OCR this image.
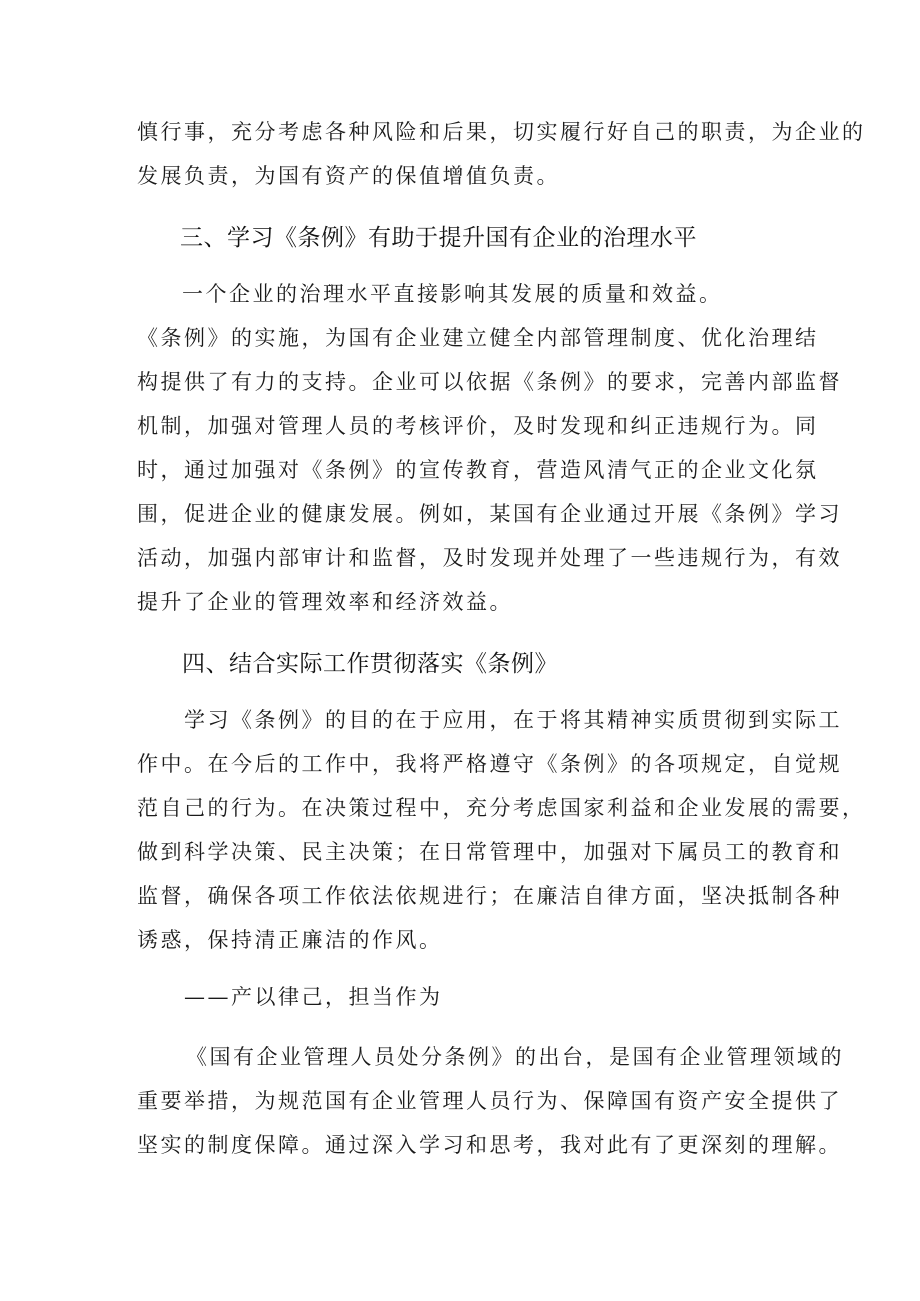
慎行事，充分考虑各种风险和后果，切实履行好自己的职责，为企业的
发展负责，为国有资产的保值增值负责。
三、学习《条例》有助于提升国有企业的治理水平
一个企业的治理水平直接影响其发展的质量和效益。
《条例》的实施，为国有企业建立健全内部管理制度、优化治理结
构提供了有力的支持。企业可以依据《条例》的要求，完善内部监督
机制，加强对管理人员的考核评价，及时发现和纠正违规行为。同
时，通过加强对《条例》的宣传教育，营造风清气正的企业文化氛
围，促进企业的健康发展。例如，某国有企业通过开展《条例》学习
活动，加强内部审计和监督，及时发现并处理了一些违规行为，有效
提升了企业的管理效率和经济效益。
四、结合实际工作贯彻落实《条例》
学习《条例》的目的在于应用，在于将其精神实质贯彻到实际工
作中。在今后的工作中，我将严格遵守《条例》的各项规定，自觉规
范自己的行为。在决策过程中，充分考虑国家利益和企业发展的需要，
做到科学决策、民主决策；在日常管理中，加强对下属员工的教育和
监督，确保各项工作依法依规进行；在廉洁自律方面，坚决抵制各种
诱惑，保持清正廉洁的作风。
——产以律己，担当作为
《国有企业管理人员处分条例》的出台，是国有企业管理领域的
重要举措，为规范国有企业管理人员行为、保障国有资产安全提供了
坚实的制度保障。通过深入学习和思考，我对此有了更深刻的理解。
